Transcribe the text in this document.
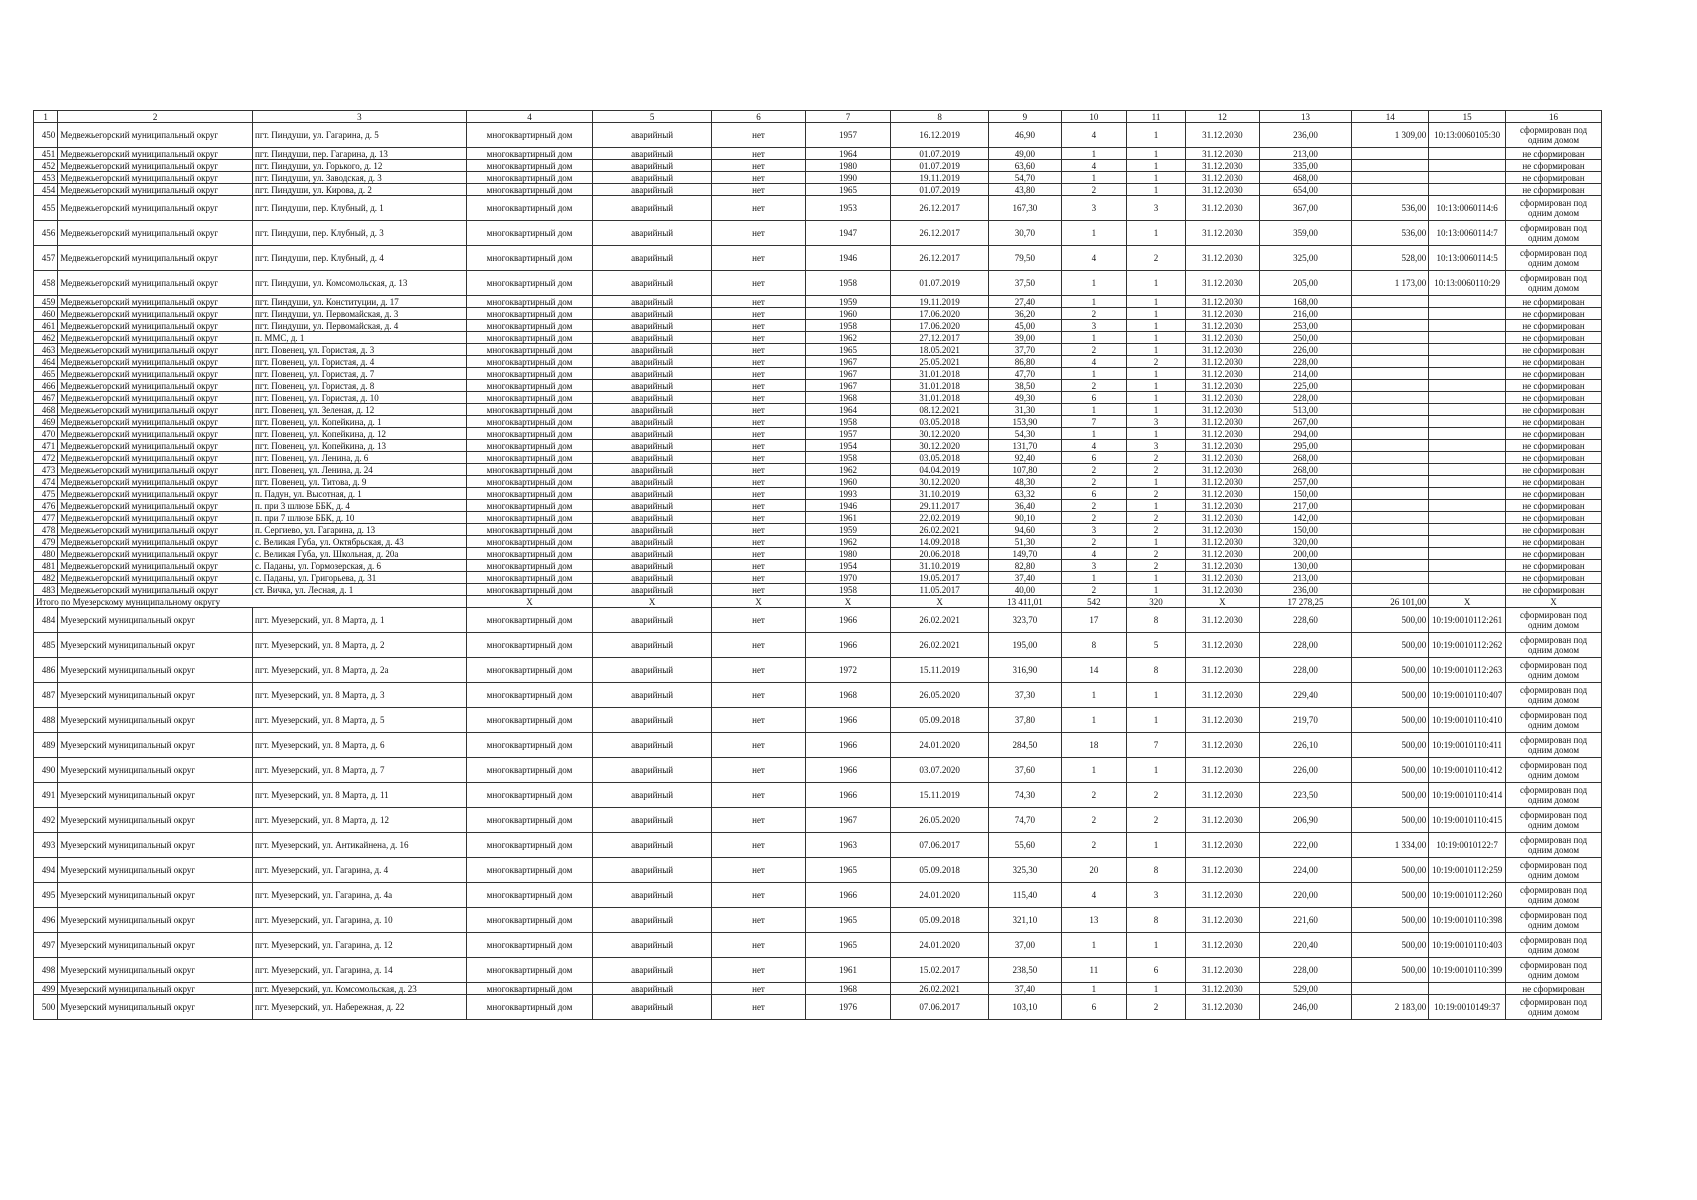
1	2	3	4	5	6	7	8	9	10	11	12	13	14	15	16
450	Медвежьегорский муниципальный округ	пгт. Пиндуши, ул. Гагарина, д. 5	многоквартирный дом	аварийный	нет	1957	16.12.2019	46,90	4	1	31.12.2030	236,00	1 309,00	10:13:0060105:30	сформирован под одним домом
451	Медвежьегорский муниципальный округ	пгт. Пиндуши, пер. Гагарина, д. 13	многоквартирный дом	аварийный	нет	1964	01.07.2019	49,00	1	1	31.12.2030	213,00			не сформирован
452	Медвежьегорский муниципальный округ	пгт. Пиндуши, ул. Горького, д. 12	многоквартирный дом	аварийный	нет	1980	01.07.2019	63,60	4	1	31.12.2030	335,00			не сформирован
453	Медвежьегорский муниципальный округ	пгт. Пиндуши, ул. Заводская, д. 3	многоквартирный дом	аварийный	нет	1990	19.11.2019	54,70	1	1	31.12.2030	468,00			не сформирован
454	Медвежьегорский муниципальный округ	пгт. Пиндуши, ул. Кирова, д. 2	многоквартирный дом	аварийный	нет	1965	01.07.2019	43,80	2	1	31.12.2030	654,00			не сформирован
455	Медвежьегорский муниципальный округ	пгт. Пиндуши, пер. Клубный, д. 1	многоквартирный дом	аварийный	нет	1953	26.12.2017	167,30	3	3	31.12.2030	367,00	536,00	10:13:0060114:6	сформирован под одним домом
456	Медвежьегорский муниципальный округ	пгт. Пиндуши, пер. Клубный, д. 3	многоквартирный дом	аварийный	нет	1947	26.12.2017	30,70	1	1	31.12.2030	359,00	536,00	10:13:0060114:7	сформирован под одним домом
457	Медвежьегорский муниципальный округ	пгт. Пиндуши, пер. Клубный, д. 4	многоквартирный дом	аварийный	нет	1946	26.12.2017	79,50	4	2	31.12.2030	325,00	528,00	10:13:0060114:5	сформирован под одним домом
458	Медвежьегорский муниципальный округ	пгт. Пиндуши, ул. Комсомольская, д. 13	многоквартирный дом	аварийный	нет	1958	01.07.2019	37,50	1	1	31.12.2030	205,00	1 173,00	10:13:0060110:29	сформирован под одним домом
459	Медвежьегорский муниципальный округ	пгт. Пиндуши, ул. Конституции, д. 17	многоквартирный дом	аварийный	нет	1959	19.11.2019	27,40	1	1	31.12.2030	168,00			не сформирован
460	Медвежьегорский муниципальный округ	пгт. Пиндуши, ул. Первомайская, д. 3	многоквартирный дом	аварийный	нет	1960	17.06.2020	36,20	2	1	31.12.2030	216,00			не сформирован
461	Медвежьегорский муниципальный округ	пгт. Пиндуши, ул. Первомайская, д. 4	многоквартирный дом	аварийный	нет	1958	17.06.2020	45,00	3	1	31.12.2030	253,00			не сформирован
462	Медвежьегорский муниципальный округ	п. ММС, д. 1	многоквартирный дом	аварийный	нет	1962	27.12.2017	39,00	1	1	31.12.2030	250,00			не сформирован
463	Медвежьегорский муниципальный округ	пгт. Повенец, ул. Гористая, д. 3	многоквартирный дом	аварийный	нет	1965	18.05.2021	37,70	2	1	31.12.2030	226,00			не сформирован
464	Медвежьегорский муниципальный округ	пгт. Повенец, ул. Гористая, д. 4	многоквартирный дом	аварийный	нет	1967	25.05.2021	86,80	4	2	31.12.2030	228,00			не сформирован
465	Медвежьегорский муниципальный округ	пгт. Повенец, ул. Гористая, д. 7	многоквартирный дом	аварийный	нет	1967	31.01.2018	47,70	1	1	31.12.2030	214,00			не сформирован
466	Медвежьегорский муниципальный округ	пгт. Повенец, ул. Гористая, д. 8	многоквартирный дом	аварийный	нет	1967	31.01.2018	38,50	2	1	31.12.2030	225,00			не сформирован
467	Медвежьегорский муниципальный округ	пгт. Повенец, ул. Гористая, д. 10	многоквартирный дом	аварийный	нет	1968	31.01.2018	49,30	6	1	31.12.2030	228,00			не сформирован
468	Медвежьегорский муниципальный округ	пгт. Повенец, ул. Зеленая, д. 12	многоквартирный дом	аварийный	нет	1964	08.12.2021	31,30	1	1	31.12.2030	513,00			не сформирован
469	Медвежьегорский муниципальный округ	пгт. Повенец, ул. Копейкина, д. 1	многоквартирный дом	аварийный	нет	1958	03.05.2018	153,90	7	3	31.12.2030	267,00			не сформирован
470	Медвежьегорский муниципальный округ	пгт. Повенец, ул. Копейкина, д. 12	многоквартирный дом	аварийный	нет	1957	30.12.2020	54,30	1	1	31.12.2030	294,00			не сформирован
471	Медвежьегорский муниципальный округ	пгт. Повенец, ул. Копейкина, д. 13	многоквартирный дом	аварийный	нет	1954	30.12.2020	131,70	4	3	31.12.2030	295,00			не сформирован
472	Медвежьегорский муниципальный округ	пгт. Повенец, ул. Ленина, д. 6	многоквартирный дом	аварийный	нет	1958	03.05.2018	92,40	6	2	31.12.2030	268,00			не сформирован
473	Медвежьегорский муниципальный округ	пгт. Повенец, ул. Ленина, д. 24	многоквартирный дом	аварийный	нет	1962	04.04.2019	107,80	2	2	31.12.2030	268,00			не сформирован
474	Медвежьегорский муниципальный округ	пгт. Повенец, ул. Титова, д. 9	многоквартирный дом	аварийный	нет	1960	30.12.2020	48,30	2	1	31.12.2030	257,00			не сформирован
475	Медвежьегорский муниципальный округ	п. Падун, ул. Высотная, д. 1	многоквартирный дом	аварийный	нет	1993	31.10.2019	63,32	6	2	31.12.2030	150,00			не сформирован
476	Медвежьегорский муниципальный округ	п. при 3 шлюзе ББК, д. 4	многоквартирный дом	аварийный	нет	1946	29.11.2017	36,40	2	1	31.12.2030	217,00			не сформирован
477	Медвежьегорский муниципальный округ	п. при 7 шлюзе ББК, д. 10	многоквартирный дом	аварийный	нет	1961	22.02.2019	90,10	2	2	31.12.2030	142,00			не сформирован
478	Медвежьегорский муниципальный округ	п. Сергиево, ул. Гагарина, д. 13	многоквартирный дом	аварийный	нет	1959	26.02.2021	94,60	3	2	31.12.2030	150,00			не сформирован
479	Медвежьегорский муниципальный округ	с. Великая Губа, ул. Октябрьская, д. 43	многоквартирный дом	аварийный	нет	1962	14.09.2018	51,30	2	1	31.12.2030	320,00			не сформирован
480	Медвежьегорский муниципальный округ	с. Великая Губа, ул. Школьная, д. 20а	многоквартирный дом	аварийный	нет	1980	20.06.2018	149,70	4	2	31.12.2030	200,00			не сформирован
481	Медвежьегорский муниципальный округ	с. Паданы, ул. Гормозерская, д. 6	многоквартирный дом	аварийный	нет	1954	31.10.2019	82,80	3	2	31.12.2030	130,00			не сформирован
482	Медвежьегорский муниципальный округ	с. Паданы, ул. Григорьева, д. 31	многоквартирный дом	аварийный	нет	1970	19.05.2017	37,40	1	1	31.12.2030	213,00			не сформирован
483	Медвежьегорский муниципальный округ	ст. Вичка, ул. Лесная, д. 1	многоквартирный дом	аварийный	нет	1958	11.05.2017	40,00	2	1	31.12.2030	236,00			не сформирован
Итого по Муезерскому муниципальному округу			X	X	X	X	X	13 411,01	542	320	X	17 278,25	26 101,00	X	X
484	Муезерский муниципальный округ	пгт. Муезерский, ул. 8 Марта, д. 1	многоквартирный дом	аварийный	нет	1966	26.02.2021	323,70	17	8	31.12.2030	228,60	500,00	10:19:0010112:261	сформирован под одним домом
485	Муезерский муниципальный округ	пгт. Муезерский, ул. 8 Марта, д. 2	многоквартирный дом	аварийный	нет	1966	26.02.2021	195,00	8	5	31.12.2030	228,00	500,00	10:19:0010112:262	сформирован под одним домом
486	Муезерский муниципальный округ	пгт. Муезерский, ул. 8 Марта, д. 2а	многоквартирный дом	аварийный	нет	1972	15.11.2019	316,90	14	8	31.12.2030	228,00	500,00	10:19:0010112:263	сформирован под одним домом
487	Муезерский муниципальный округ	пгт. Муезерский, ул. 8 Марта, д. 3	многоквартирный дом	аварийный	нет	1968	26.05.2020	37,30	1	1	31.12.2030	229,40	500,00	10:19:0010110:407	сформирован под одним домом
488	Муезерский муниципальный округ	пгт. Муезерский, ул. 8 Марта, д. 5	многоквартирный дом	аварийный	нет	1966	05.09.2018	37,80	1	1	31.12.2030	219,70	500,00	10:19:0010110:410	сформирован под одним домом
489	Муезерский муниципальный округ	пгт. Муезерский, ул. 8 Марта, д. 6	многоквартирный дом	аварийный	нет	1966	24.01.2020	284,50	18	7	31.12.2030	226,10	500,00	10:19:0010110:411	сформирован под одним домом
490	Муезерский муниципальный округ	пгт. Муезерский, ул. 8 Марта, д. 7	многоквартирный дом	аварийный	нет	1966	03.07.2020	37,60	1	1	31.12.2030	226,00	500,00	10:19:0010110:412	сформирован под одним домом
491	Муезерский муниципальный округ	пгт. Муезерский, ул. 8 Марта, д. 11	многоквартирный дом	аварийный	нет	1966	15.11.2019	74,30	2	2	31.12.2030	223,50	500,00	10:19:0010110:414	сформирован под одним домом
492	Муезерский муниципальный округ	пгт. Муезерский, ул. 8 Марта, д. 12	многоквартирный дом	аварийный	нет	1967	26.05.2020	74,70	2	2	31.12.2030	206,90	500,00	10:19:0010110:415	сформирован под одним домом
493	Муезерский муниципальный округ	пгт. Муезерский, ул. Антикайнена, д. 16	многоквартирный дом	аварийный	нет	1963	07.06.2017	55,60	2	1	31.12.2030	222,00	1 334,00	10:19:0010122:7	сформирован под одним домом
494	Муезерский муниципальный округ	пгт. Муезерский, ул. Гагарина, д. 4	многоквартирный дом	аварийный	нет	1965	05.09.2018	325,30	20	8	31.12.2030	224,00	500,00	10:19:0010112:259	сформирован под одним домом
495	Муезерский муниципальный округ	пгт. Муезерский, ул. Гагарина, д. 4а	многоквартирный дом	аварийный	нет	1966	24.01.2020	115,40	4	3	31.12.2030	220,00	500,00	10:19:0010112:260	сформирован под одним домом
496	Муезерский муниципальный округ	пгт. Муезерский, ул. Гагарина, д. 10	многоквартирный дом	аварийный	нет	1965	05.09.2018	321,10	13	8	31.12.2030	221,60	500,00	10:19:0010110:398	сформирован под одним домом
497	Муезерский муниципальный округ	пгт. Муезерский, ул. Гагарина, д. 12	многоквартирный дом	аварийный	нет	1965	24.01.2020	37,00	1	1	31.12.2030	220,40	500,00	10:19:0010110:403	сформирован под одним домом
498	Муезерский муниципальный округ	пгт. Муезерский, ул. Гагарина, д. 14	многоквартирный дом	аварийный	нет	1961	15.02.2017	238,50	11	6	31.12.2030	228,00	500,00	10:19:0010110:399	сформирован под одним домом
499	Муезерский муниципальный округ	пгт. Муезерский, ул. Комсомольская, д. 23	многоквартирный дом	аварийный	нет	1968	26.02.2021	37,40	1	1	31.12.2030	529,00			не сформирован
500	Муезерский муниципальный округ	пгт. Муезерский, ул. Набережная, д. 22	многоквартирный дом	аварийный	нет	1976	07.06.2017	103,10	6	2	31.12.2030	246,00	2 183,00	10:19:0010149:37	сформирован под одним домом
